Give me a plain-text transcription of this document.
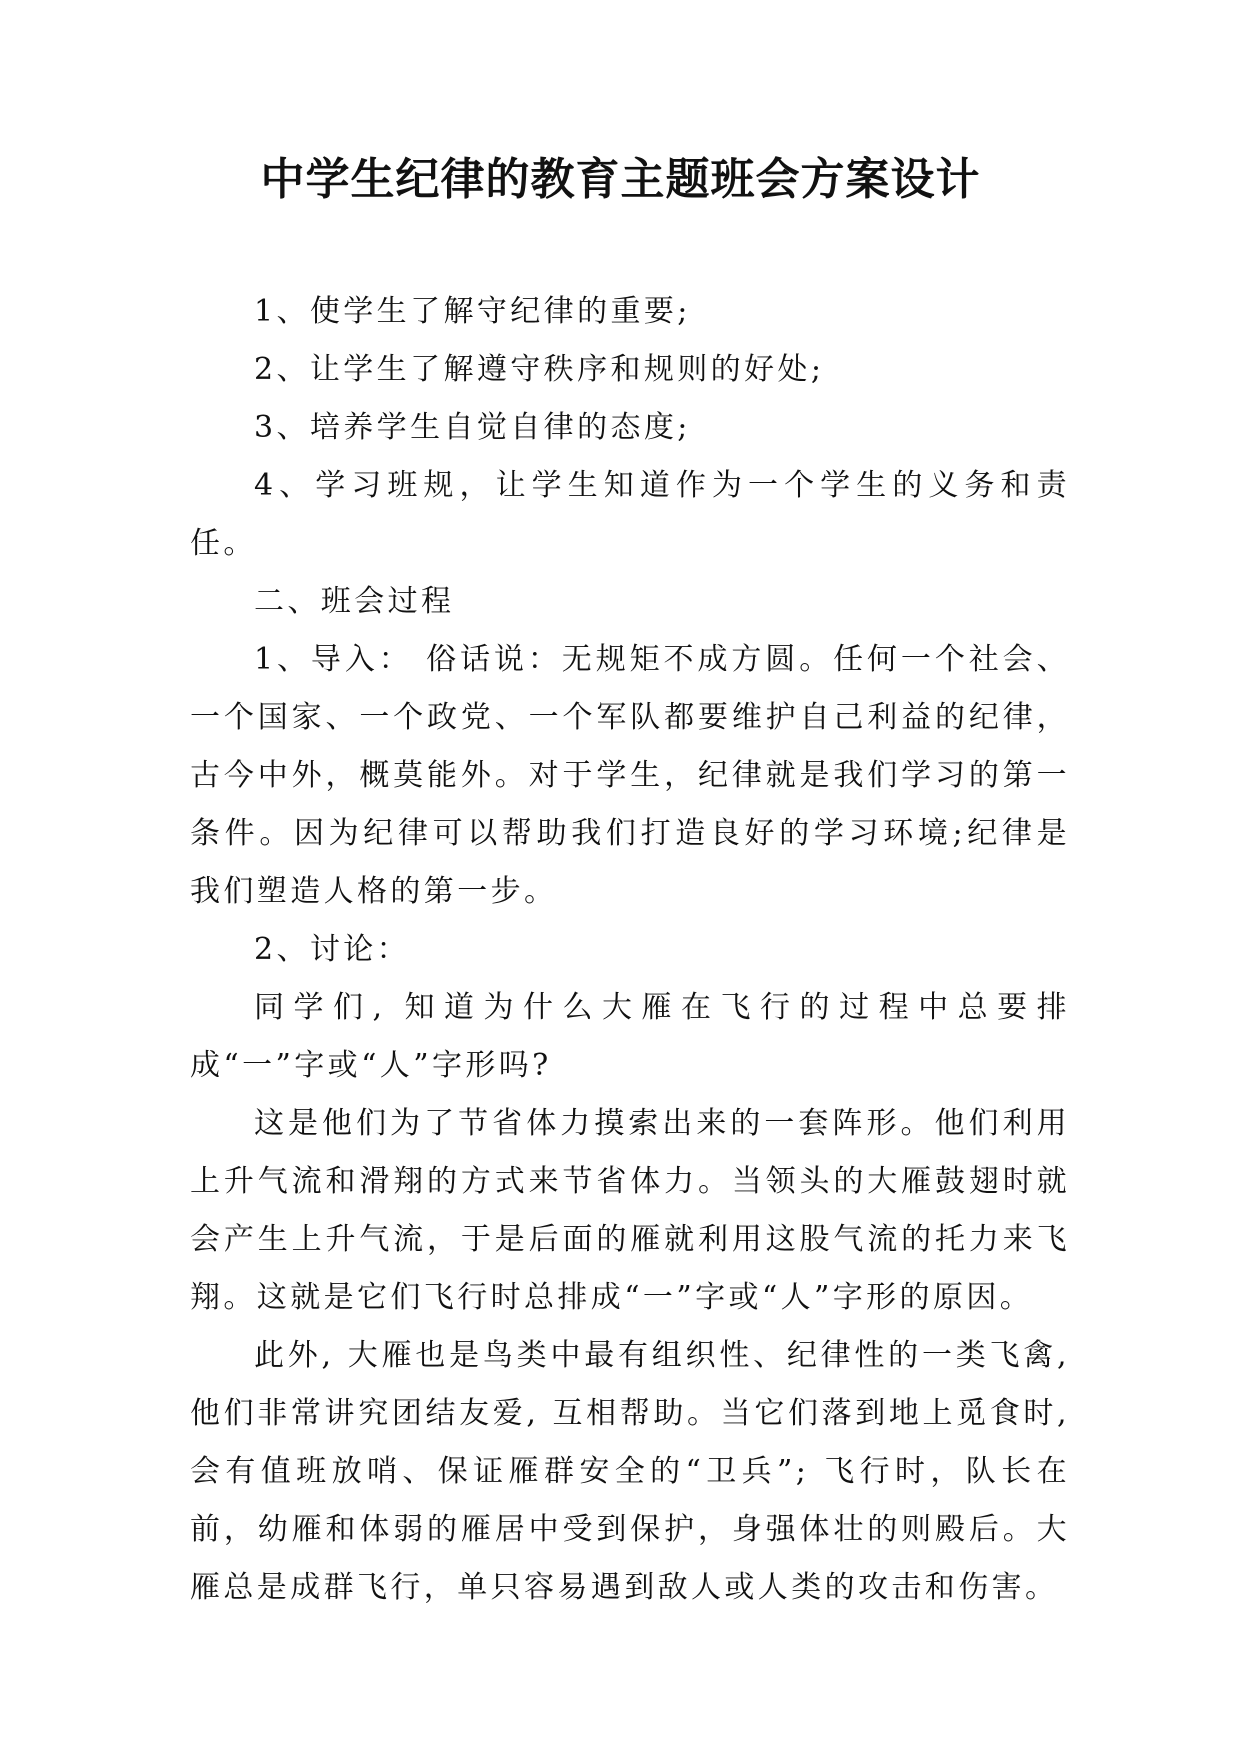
中学生纪律的教育主题班会方案设计

1、使学生了解守纪律的重要;

2、让学生了解遵守秩序和规则的好处;

3、培养学生自觉自律的态度;

4、学习班规，让学生知道作为一个学生的义务和责任。

二、班会过程

1、导入： 俗话说：无规矩不成方圆。任何一个社会、一个国家、一个政党、一个军队都要维护自己利益的纪律，古今中外，概莫能外。对于学生，纪律就是我们学习的第一条件。因为纪律可以帮助我们打造良好的学习环境;纪律是我们塑造人格的第一步。

2、讨论：

同学们, 知道为什么大雁在飞行的过程中总要排成“一”字或“人”字形吗?

这是他们为了节省体力摸索出来的一套阵形。他们利用上升气流和滑翔的方式来节省体力。当领头的大雁鼓翅时就会产生上升气流，于是后面的雁就利用这股气流的托力来飞翔。这就是它们飞行时总排成“一”字或“人”字形的原因。

此外, 大雁也是鸟类中最有组织性、纪律性的一类飞禽, 他们非常讲究团结友爱, 互相帮助。当它们落到地上觅食时, 会有值班放哨、保证雁群安全的“卫兵”; 飞行时，队长在前，幼雁和体弱的雁居中受到保护，身强体壮的则殿后。大雁总是成群飞行，单只容易遇到敌人或人类的攻击和伤害。
